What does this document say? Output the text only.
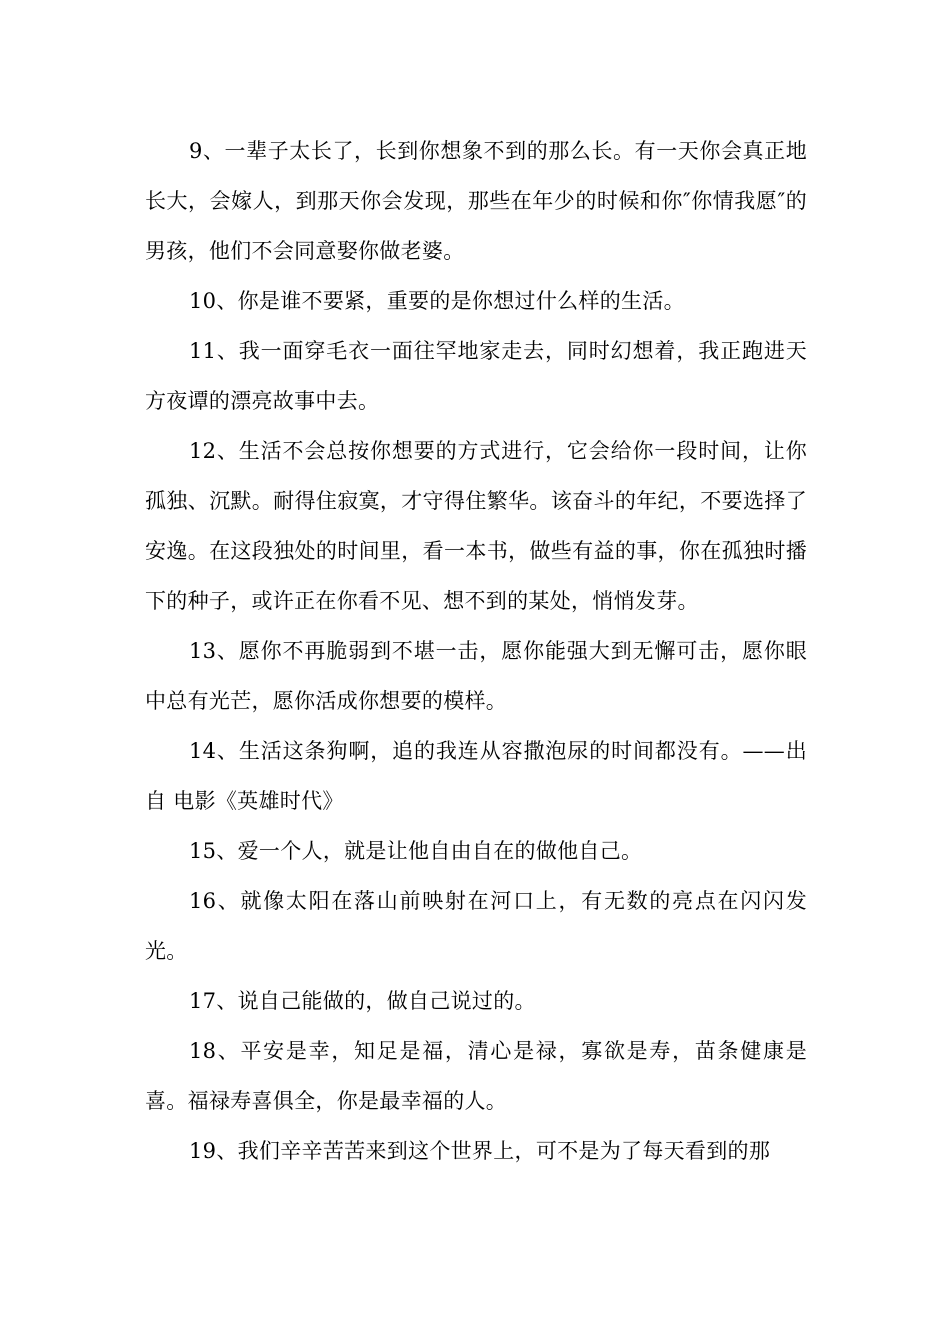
9、一辈子太长了，长到你想象不到的那么长。有一天你会真正地长大，会嫁人，到那天你会发现，那些在年少的时候和你″你情我愿″的男孩，他们不会同意娶你做老婆。

10、你是谁不要紧，重要的是你想过什么样的生活。

11、我一面穿毛衣一面往罕地家走去，同时幻想着，我正跑进天方夜谭的漂亮故事中去。

12、生活不会总按你想要的方式进行，它会给你一段时间，让你孤独、沉默。耐得住寂寞，才守得住繁华。该奋斗的年纪，不要选择了安逸。在这段独处的时间里，看一本书，做些有益的事，你在孤独时播下的种子，或许正在你看不见、想不到的某处，悄悄发芽。

13、愿你不再脆弱到不堪一击，愿你能强大到无懈可击，愿你眼中总有光芒，愿你活成你想要的模样。

14、生活这条狗啊，追的我连从容撒泡尿的时间都没有。——出自 电影《英雄时代》

15、爱一个人，就是让他自由自在的做他自己。

16、就像太阳在落山前映射在河口上，有无数的亮点在闪闪发光。

17、说自己能做的，做自己说过的。

18、平安是幸，知足是福，清心是禄，寡欲是寿，苗条健康是喜。福禄寿喜俱全，你是最幸福的人。

19、我们辛辛苦苦来到这个世界上，可不是为了每天看到的那
